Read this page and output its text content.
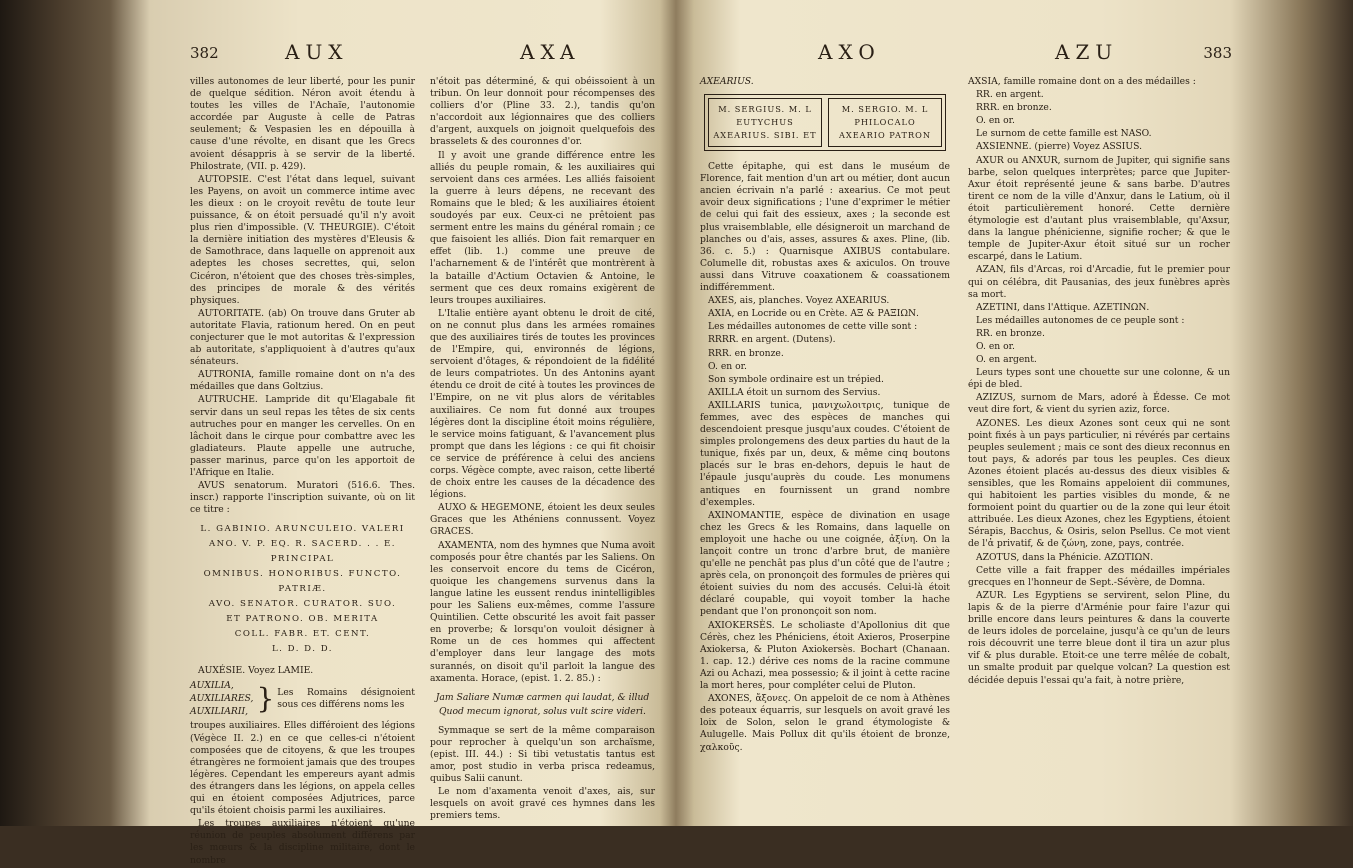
382	AUX	AXA

villes autonomes de leur liberté, pour les punir de quelque sédition. Néron avoit étendu à toutes les villes de l'Achaïe, l'autonomie accordée par Auguste à celle de Patras seulement; & Vespasien les en dépouilla à cause d'une révolte, en disant que les Grecs avoient désappris à se servir de la liberté. Philostrate, (VII. p. 429).

AUTOPSIE. C'est l'état dans lequel, suivant les Payens, on avoit un commerce intime avec les dieux : on le croyoit revêtu de toute leur puissance, & on étoit persuadé qu'il n'y avoit plus rien d'impossible. (V. THEURGIE). C'étoit la dernière initiation des mystères d'Eleusis & de Samothrace, dans laquelle on apprenoit aux adeptes les choses secrettes, qui, selon Cicéron, n'étoient que des choses très-simples, des principes de morale & des vérités physiques.

AUTORITATE. (ab) On trouve dans Gruter ab autoritate Flavia, rationum hered. On en peut conjecturer que le mot autoritas & l'expression ab autoritate, s'appliquoient à d'autres qu'aux sénateurs.

AUTRONIA, famille romaine dont on n'a des médailles que dans Goltzius.

AUTRUCHE. Lampride dit qu'Elagabale fit servir dans un seul repas les têtes de six cents autruches pour en manger les cervelles. On en lâchoit dans le cirque pour combattre avec les gladiateurs. Plaute appelle une autruche, passer marinus, parce qu'on les apportoit de l'Afrique en Italie.

AVUS senatorum. Muratori (516.6. Thes. inscr.) rapporte l'inscription suivante, où on lit ce titre :

L. GABINIO. ARUNCULEIO. VALERI
ANO. V. P. EQ. R. SACERD. . . E. PRINCIPAL
OMNIBUS. HONORIBUS. FUNCTO. PATRIÆ.
AVO. SENATOR. CURATOR. SUO.
ET PATRONO. OB. MERITA
COLL. FABR. ET. CENT.
L. D. D. D.

AUXÉSIE. Voyez LAMIE.

AUXILIA,
AUXILIARES,
AUXILIARII, } Les Romains désignoient sous ces différens noms les

troupes auxiliaires. Elles différoient des légions (Végèce II. 2.) en ce que celles-ci n'étoient composées que de citoyens, & que les troupes étrangères ne formoient jamais que des troupes légères. Cependant les empereurs ayant admis des étrangers dans les légions, on appela celles qui en étoient composées Adjutrices, parce qu'ils étoient choisis parmi les auxiliaires.

Les troupes auxiliaires n'étoient qu'une réunion de peuples absolument différens par les mœurs & la discipline militaire, dont le nombre

n'étoit pas déterminé, & qui obéissoient à un tribun. On leur donnoit pour récompenses des colliers d'or (Pline 33. 2.), tandis qu'on n'accordoit aux légionnaires que des colliers d'argent, auxquels on joignoit quelquefois des brasselets & des couronnes d'or.

Il y avoit une grande différence entre les alliés du peuple romain, & les auxiliaires qui servoient dans ces armées. Les alliés faisoient la guerre à leurs dépens, ne recevant des Romains que le bled; & les auxiliaires étoient soudoyés par eux. Ceux-ci ne prêtoient pas serment entre les mains du général romain ; ce que faisoient les alliés. Dion fait remarquer en effet (lib. 1.) comme une preuve de l'acharnement & de l'intérêt que montrèrent à la bataille d'Actium Octavien & Antoine, le serment que ces deux romains exigèrent de leurs troupes auxiliaires.

L'Italie entière ayant obtenu le droit de cité, on ne connut plus dans les armées romaines que des auxiliaires tirés de toutes les provinces de l'Empire, qui, environnés de légions, servoient d'ôtages, & répondoient de la fidélité de leurs compatriotes. Un des Antonins ayant étendu ce droit de cité à toutes les provinces de l'Empire, on ne vit plus alors de véritables auxiliaires. Ce nom fut donné aux troupes légères dont la discipline étoit moins régulière, le service moins fatiguant, & l'avancement plus prompt que dans les légions : ce qui fit choisir ce service de préférence à celui des anciens corps. Végèce compte, avec raison, cette liberté de choix entre les causes de la décadence des légions.

AUXO & HEGEMONE, étoient les deux seules Graces que les Athéniens connussent. Voyez GRACES.

AXAMENTA, nom des hymnes que Numa avoit composés pour être chantés par les Saliens. On les conservoit encore du tems de Cicéron, quoique les changemens survenus dans la langue latine les eussent rendus inintelligibles pour les Saliens eux-mêmes, comme l'assure Quintilien. Cette obscurité les avoit fait passer en proverbe; & lorsqu'on vouloit désigner à Rome un de ces hommes qui affectent d'employer dans leur langage des mots surannés, on disoit qu'il parloit la langue des axamenta. Horace, (epist. 1. 2. 85.) :

Jam Saliare Numæ carmen qui laudat, & illud
Quod mecum ignorat, solus vult scire videri.

Symmaque se sert de la même comparaison pour reprocher à quelqu'un son archaïsme, (epist. III. 44.) : Si tibi vetustatis tantus est amor, post studio in verba prisca redeamus, quibus Salii canunt.

Le nom d'axamenta venoit d'axes, ais, sur lesquels on avoit gravé ces hymnes dans les premiers tems.

AXO	AZU	383

AXEARIUS.

M. SERGIUS. M. L
EUTYCHUS
AXEARIUS. SIBI. ET
M. SERGIO. M. L
PHILOCALO
AXEARIO PATRON

Cette épitaphe, qui est dans le muséum de Florence, fait mention d'un art ou métier, dont aucun ancien écrivain n'a parlé : axearius. Ce mot peut avoir deux significations ; l'une d'exprimer le métier de celui qui fait des essieux, axes ; la seconde est plus vraisemblable, elle désigneroit un marchand de planches ou d'ais, asses, assures & axes. Pline, (lib. 36. c. 5.) : Quarnisque AXIBUS contabulare. Columelle dit, robustas axes & axiculos. On trouve aussi dans Vitruve coaxationem & coassationem indifféremment.

AXES, ais, planches. Voyez AXEARIUS.

AXIA, en Locride ou en Crète. ΑΞ & ΡΑΞΙΩΝ.

Les médailles autonomes de cette ville sont :

RRRR. en argent. (Dutens).

RRR. en bronze.

O. en or.

Son symbole ordinaire est un trépied.

AXILLA étoit un surnom des Servius.

AXILLARIS tunica, μανιχωλοιτρις, tunique de femmes, avec des espèces de manches qui descendoient presque jusqu'aux coudes. C'étoient de simples prolongemens des deux parties du haut de la tunique, fixés par un, deux, & même cinq boutons placés sur le bras en-dehors, depuis le haut de l'épaule jusqu'auprès du coude. Les monumens antiques en fournissent un grand nombre d'exemples.

AXINOMANTIE, espèce de divination en usage chez les Grecs & les Romains, dans laquelle on employoit une hache ou une coignée, ἀξίνη. On la lançoit contre un tronc d'arbre brut, de manière qu'elle ne penchât pas plus d'un côté que de l'autre ; après cela, on prononçoit des formules de prières qui étoient suivies du nom des accusés. Celui-là étoit déclaré coupable, qui voyoit tomber la hache pendant que l'on prononçoit son nom.

AXIOKERSÈS. Le scholiaste d'Apollonius dit que Cérès, chez les Phéniciens, étoit Axieros, Proserpine Axiokersa, & Pluton Axiokersès. Bochart (Chanaan. 1. cap. 12.) dérive ces noms de la racine commune Azi ou Achazi, mea possessio; & il joint à cette racine la mort heres, pour compléter celui de Pluton.

AXONES, ἄξονες. On appeloit de ce nom à Athènes des poteaux équarris, sur lesquels on avoit gravé les loix de Solon, selon le grand étymologiste & Aulugelle. Mais Pollux dit qu'ils étoient de bronze, χαλκοῦς.

AXSIA, famille romaine dont on a des médailles :

RR. en argent.

RRR. en bronze.

O. en or.

Le surnom de cette famille est NASO.

AXSIENNE. (pierre) Voyez ASSIUS.

AXUR ou ANXUR, surnom de Jupiter, qui signifie sans barbe, selon quelques interprètes; parce que Jupiter-Axur étoit représenté jeune & sans barbe. D'autres tirent ce nom de la ville d'Anxur, dans le Latium, où il étoit particulièrement honoré. Cette dernière étymologie est d'autant plus vraisemblable, qu'Axsur, dans la langue phénicienne, signifie rocher; & que le temple de Jupiter-Axur étoit situé sur un rocher escarpé, dans le Latium.

AZAN, fils d'Arcas, roi d'Arcadie, fut le premier pour qui on célébra, dit Pausanias, des jeux funèbres après sa mort.

AZETINI, dans l'Attique. ΑΖΕΤΙΝΩΝ.

Les médailles autonomes de ce peuple sont :

RR. en bronze.

O. en or.

O. en argent.

Leurs types sont une chouette sur une colonne, & un épi de bled.

AZIZUS, surnom de Mars, adoré à Édesse. Ce mot veut dire fort, & vient du syrien aziz, force.

AZONES. Les dieux Azones sont ceux qui ne sont point fixés à un pays particulier, ni révérés par certains peuples seulement ; mais ce sont des dieux reconnus en tout pays, & adorés par tous les peuples. Ces dieux Azones étoient placés au-dessus des dieux visibles & sensibles, que les Romains appeloient dii communes, qui habitoient les parties visibles du monde, & ne formoient point du quartier ou de la zone qui leur étoit attribuée. Les dieux Azones, chez les Egyptiens, étoient Sérapis, Bacchus, & Osiris, selon Psellus. Ce mot vient de l'ἀ privatif, & de ζώνη, zone, pays, contrée.

AZOTUS, dans la Phénicie. ΑΖΩΤΙΩΝ.

Cette ville a fait frapper des médailles impériales grecques en l'honneur de Sept.-Sévère, de Domna.

AZUR. Les Egyptiens se servirent, selon Pline, du lapis & de la pierre d'Arménie pour faire l'azur qui brille encore dans leurs peintures & dans la couverte de leurs idoles de porcelaine, jusqu'à ce qu'un de leurs rois découvrit une terre bleue dont il tira un azur plus vif & plus durable. Etoit-ce une terre mêlée de cobalt, un smalte produit par quelque volcan? La question est décidée depuis l'essai qu'a fait, à notre prière,
